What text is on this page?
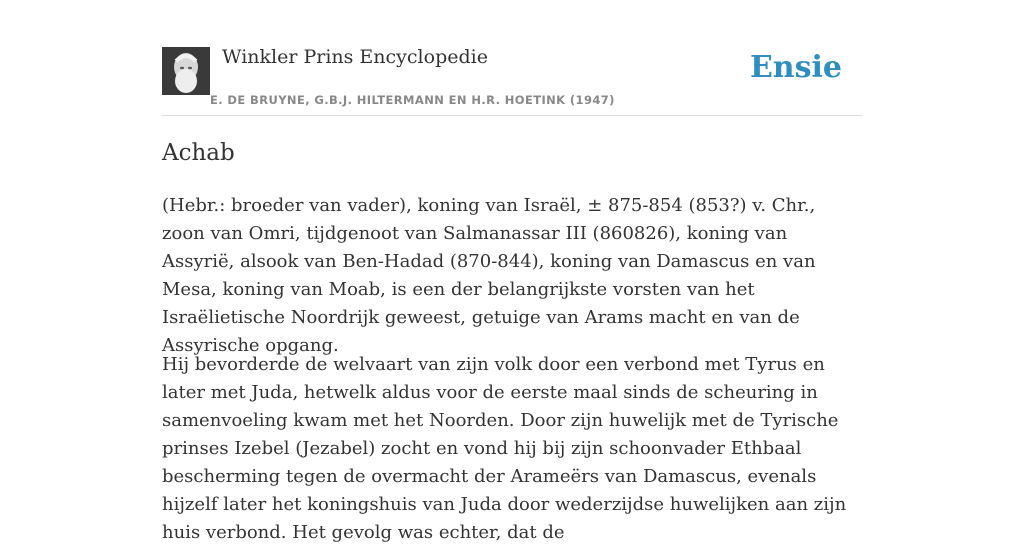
Winkler Prins Encyclopedie
E. DE BRUYNE, G.B.J. HILTERMANN EN H.R. HOETINK (1947)
Ensie
Achab

(Hebr.: broeder van vader), koning van Israël, ± 875-854 (853?) v. Chr., zoon van Omri, tijdgenoot van Salmanassar III (860826), koning van Assyrië, alsook van Ben-Hadad (870-844), koning van Damascus en van Mesa, koning van Moab, is een der belangrijkste vorsten van het Israëlietische Noordrijk geweest, getuige van Arams macht en van de Assyrische opgang.

Hij bevorderde de welvaart van zijn volk door een verbond met Tyrus en later met Juda, hetwelk aldus voor de eerste maal sinds de scheuring in samenvoeling kwam met het Noorden. Door zijn huwelijk met de Tyrische prinses Izebel (Jezabel) zocht en vond hij bij zijn schoonvader Ethbaal bescherming tegen de overmacht der Arameërs van Damascus, evenals hijzelf later het koningshuis van Juda door wederzijdse huwelijken aan zijn huis verbond. Het gevolg was echter, dat de
